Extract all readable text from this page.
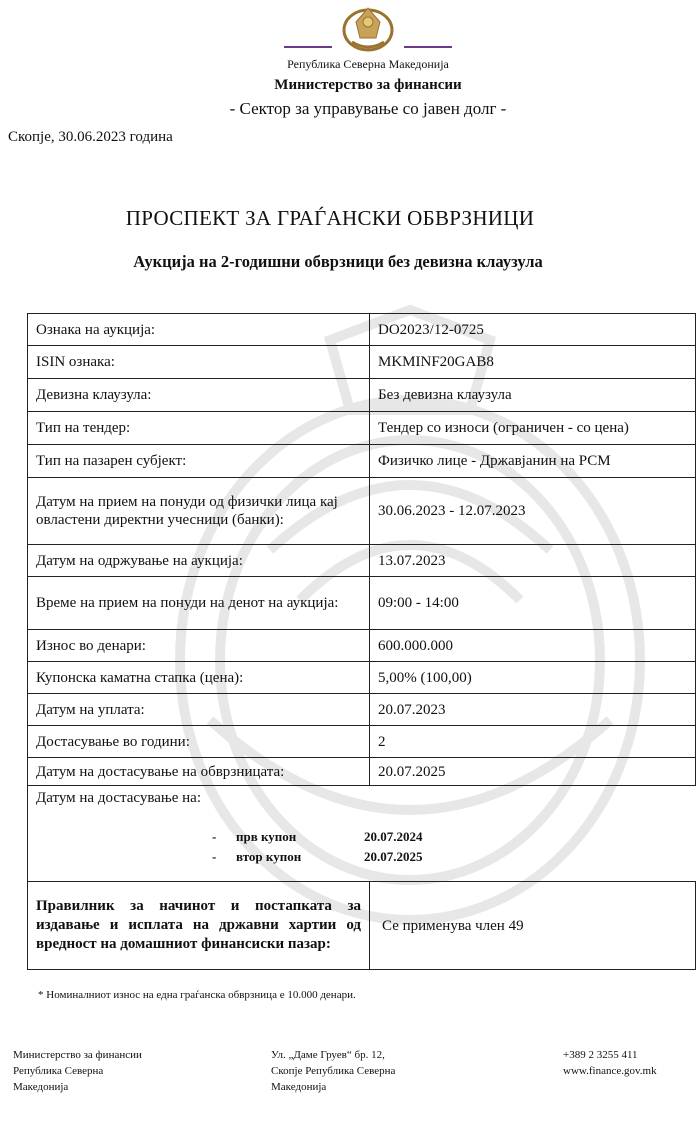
Република Северна Македонија
Министерство за финансии
- Сектор за управување со јавен долг -
Скопје, 30.06.2023 година
ПРОСПЕКТ ЗА ГРАЃАНСКИ ОБВРЗНИЦИ
Аукција на 2-годишни обврзници без девизна клаузула
Ознака на аукција:	DO2023/12-0725
ISIN ознака:	MKMINF20GAB8
Девизна клаузула:	Без девизна клаузула
Тип на тендер:	Тендер со износи (ограничен - со цена)
Тип на пазарен субјект:	Физичко лице - Државјанин на РСМ
Датум на прием на понуди од физички лица кај овластени директни учесници (банки):	30.06.2023 - 12.07.2023
Датум на одржување на аукција:	13.07.2023
Време на прием на понуди на денот на аукција:	09:00 - 14:00
Износ во денари:	600.000.000
Купонска каматна стапка (цена):	5,00% (100,00)
Датум на уплата:	20.07.2023
Достасување во години:	2
Датум на достасување на обврзницата:	20.07.2025

Датум на достасување на:
- прв купон 20.07.2024
- втор купон 20.07.2025	

Правилник за начинот и постапката за издавање и исплата на државни хартии од вредност на домашниот финансиски пазар:	Се применува член 49
* Номиналниот износ на една граѓанска обврзница е 10.000 денари.
Министерство за финансии
Република Северна
Македонија
Ул. „Даме Груев“ бр. 12,
Скопје Република Северна
Македонија
+389 2 3255 411
www.finance.gov.mk
